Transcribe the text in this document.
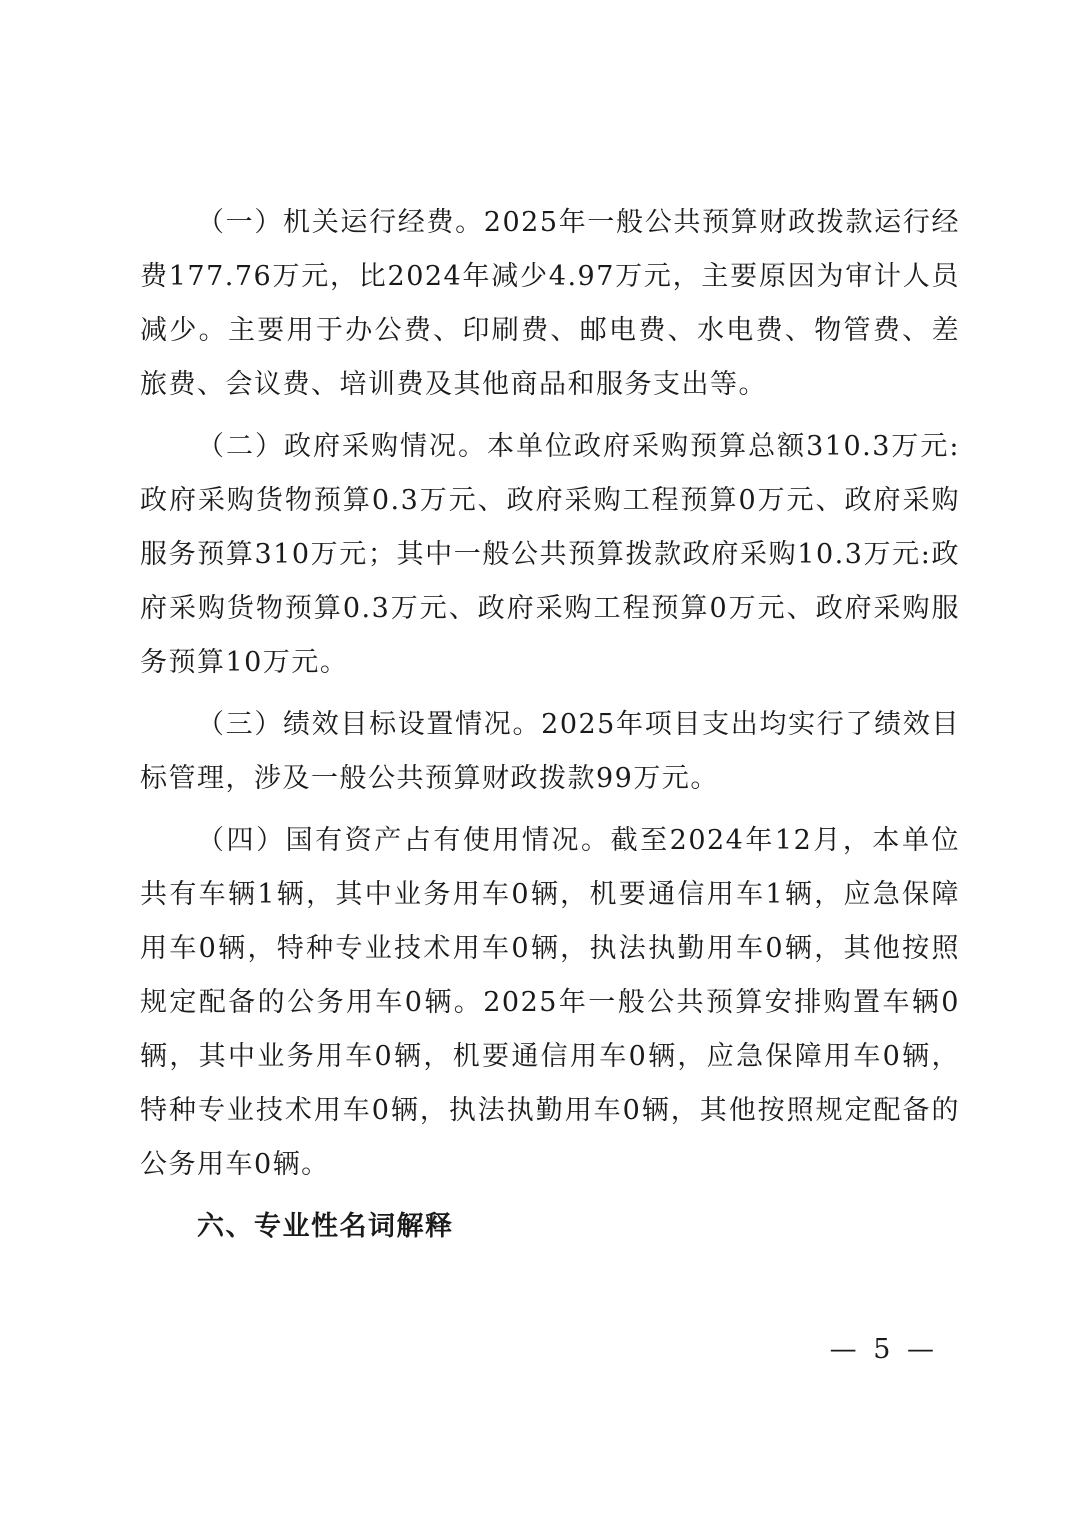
（一）机关运行经费。2025年一般公共预算财政拨款运行经费177.76万元，比2024年减少4.97万元，主要原因为审计人员减少。主要用于办公费、印刷费、邮电费、水电费、物管费、差旅费、会议费、培训费及其他商品和服务支出等。

（二）政府采购情况。本单位政府采购预算总额310.3万元:政府采购货物预算0.3万元、政府采购工程预算0万元、政府采购服务预算310万元；其中一般公共预算拨款政府采购10.3万元:政府采购货物预算0.3万元、政府采购工程预算0万元、政府采购服务预算10万元。

（三）绩效目标设置情况。2025年项目支出均实行了绩效目标管理，涉及一般公共预算财政拨款99万元。

（四）国有资产占有使用情况。截至2024年12月，本单位共有车辆1辆，其中业务用车0辆，机要通信用车1辆，应急保障用车0辆，特种专业技术用车0辆，执法执勤用车0辆，其他按照规定配备的公务用车0辆。2025年一般公共预算安排购置车辆0辆，其中业务用车0辆，机要通信用车0辆，应急保障用车0辆，特种专业技术用车0辆，执法执勤用车0辆，其他按照规定配备的公务用车0辆。

六、专业性名词解释
— 5 —
